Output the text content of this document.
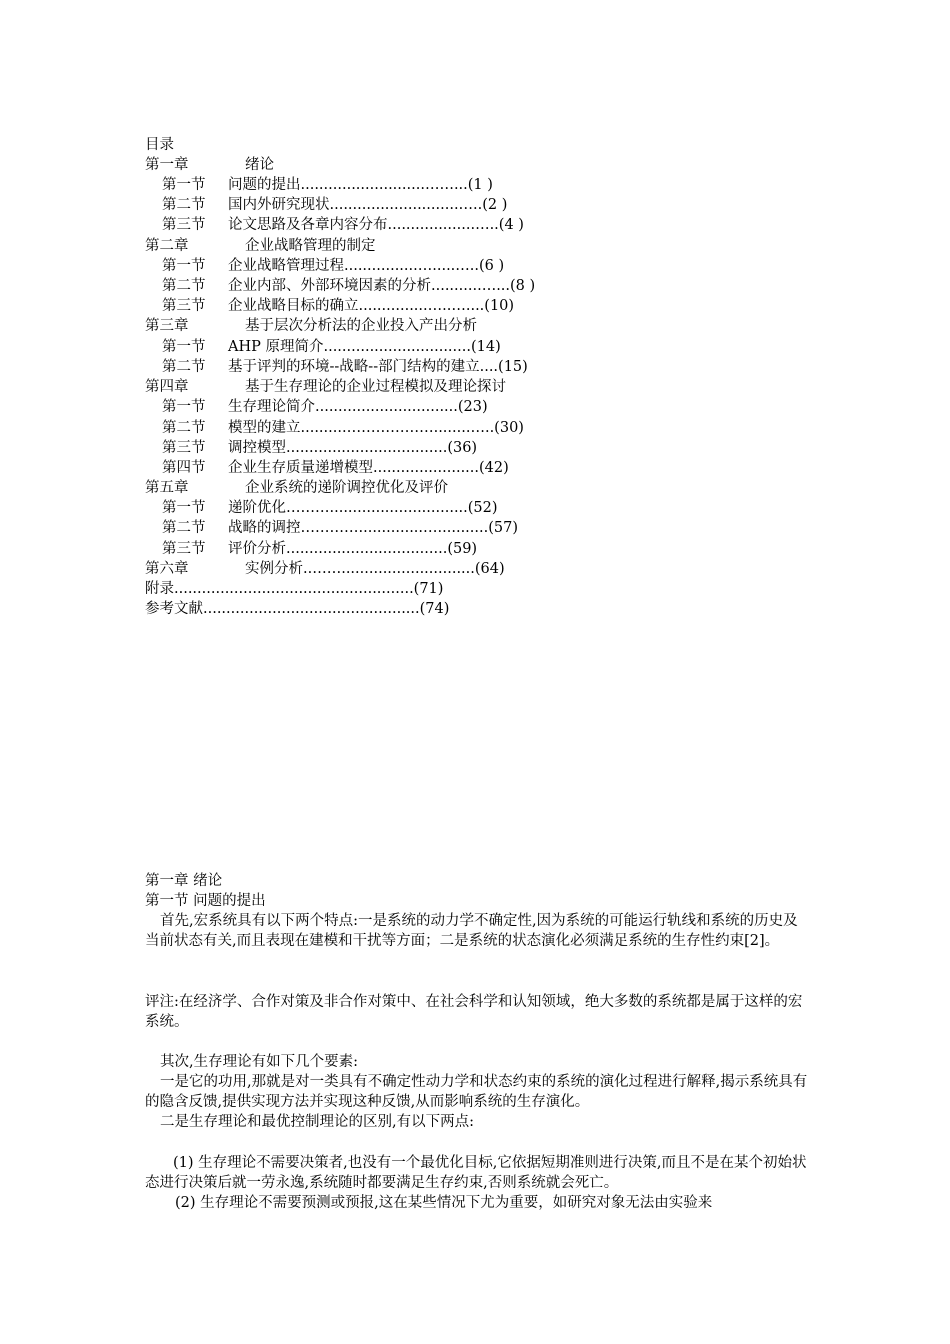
目录
第一章	绪论
第一节 问题的提出...........................……...(1 )
第二节 国内外研究现状............................…..(2 )
第三节 论文思路及各章内容分布...................…..(4 )
第二章	企业战略管理的制定
第一节 企业战略管理过程................….....…..(6 )
第二节 企业内部、外部环境因素的分析...........…...(8 )
第三节 企业战略目标的确立...............…..…....(10)
第三章	基于层次分析法的企业投入产出分析
第一节 AHP 原理简介................................(14)
第二节 基于评判的环境--战略--部门结构的建立....(15)
第四章	基于生存理论的企业过程模拟及理论探讨
第一节 生存理论简介...............................(23)
第二节 模型的建立..........………………........…..(30)
第三节 调控模型...................................(36)
第四节 企业生存质量递增模型.......................(42)
第五章	企业系统的递阶调控优化及评价
第一节 递阶优化………..............................(52)
第二节 战略的调控…………..............…...........(57)
第三节 评价分析...................................(59)
第六章	实例分析..…….............................(64)
附录....................................................(71)
参考文献...............................................(74)
第一章 绪论
第一节 问题的提出
首先,宏系统具有以下两个特点:一是系统的动力学不确定性,因为系统的可能运行轨线和系统的历史及当前状态有关,而且表现在建模和干扰等方面；二是系统的状态演化必须满足系统的生存性约束[2]。
评注:在经济学、合作对策及非合作对策中、在社会科学和认知领域，绝大多数的系统都是属于这样的宏系统。
其次,生存理论有如下几个要素:
一是它的功用,那就是对一类具有不确定性动力学和状态约束的系统的演化过程进行解释,揭示系统具有的隐含反馈,提供实现方法并实现这种反馈,从而影响系统的生存演化。
二是生存理论和最优控制理论的区别,有以下两点:
(1) 生存理论不需要决策者,也没有一个最优化目标,它依据短期准则进行决策,而且不是在某个初始状态进行决策后就一劳永逸,系统随时都要满足生存约束,否则系统就会死亡。
(2) 生存理论不需要预测或预报,这在某些情况下尤为重要，如研究对象无法由实验来
